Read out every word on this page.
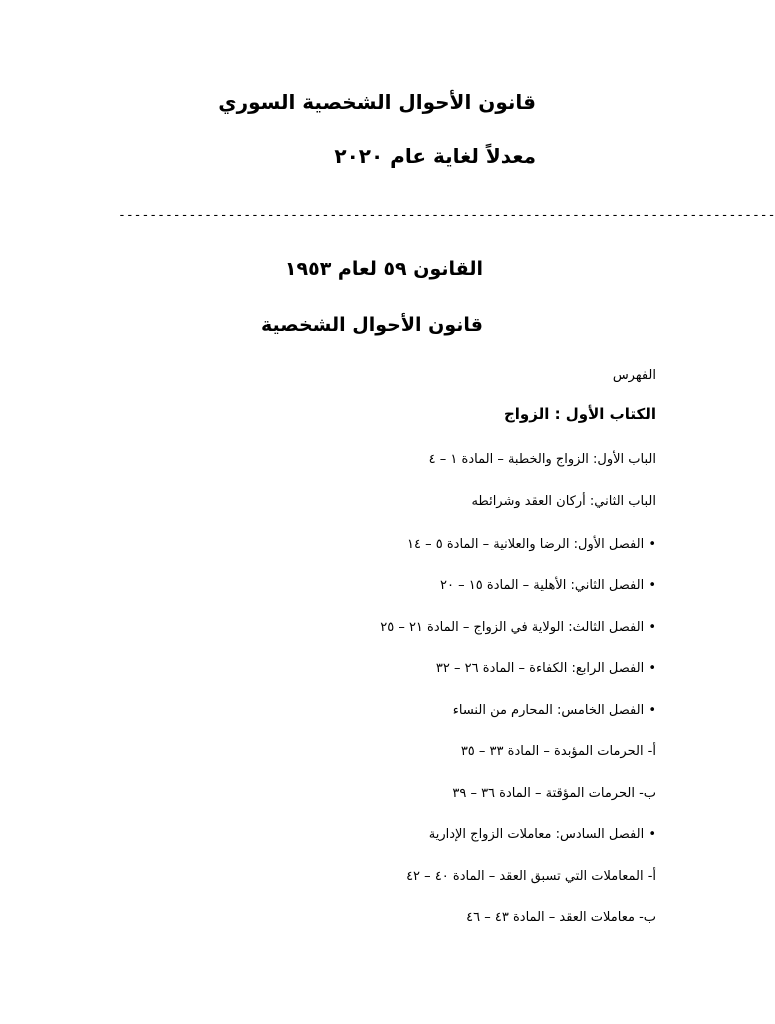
قانون الأحوال الشخصية السوري
معدلاً لغاية عام ٢٠٢٠
------------------------------------------------------------------------------------
القانون ٥٩ لعام ١٩٥٣
قانون الأحوال الشخصية
الفهرس
الكتاب الأول : الزواج
الباب الأول: الزواج والخطبة – المادة ١ – ٤
الباب الثاني: أركان العقد وشرائطه
• الفصل الأول: الرضا والعلانية – المادة ٥ – ١٤
• الفصل الثاني: الأهلية – المادة ١٥ – ٢٠
• الفصل الثالث: الولاية في الزواج – المادة ٢١ – ٢٥
• الفصل الرابع: الكفاءة – المادة ٢٦ – ٣٢
• الفصل الخامس: المحارم من النساء
أ- الحرمات المؤبدة – المادة ٣٣ – ٣٥
ب- الحرمات المؤقتة – المادة ٣٦ – ٣٩
• الفصل السادس: معاملات الزواج الإدارية
أ- المعاملات التي تسبق العقد – المادة ٤٠ – ٤٢
ب- معاملات العقد – المادة ٤٣ – ٤٦
